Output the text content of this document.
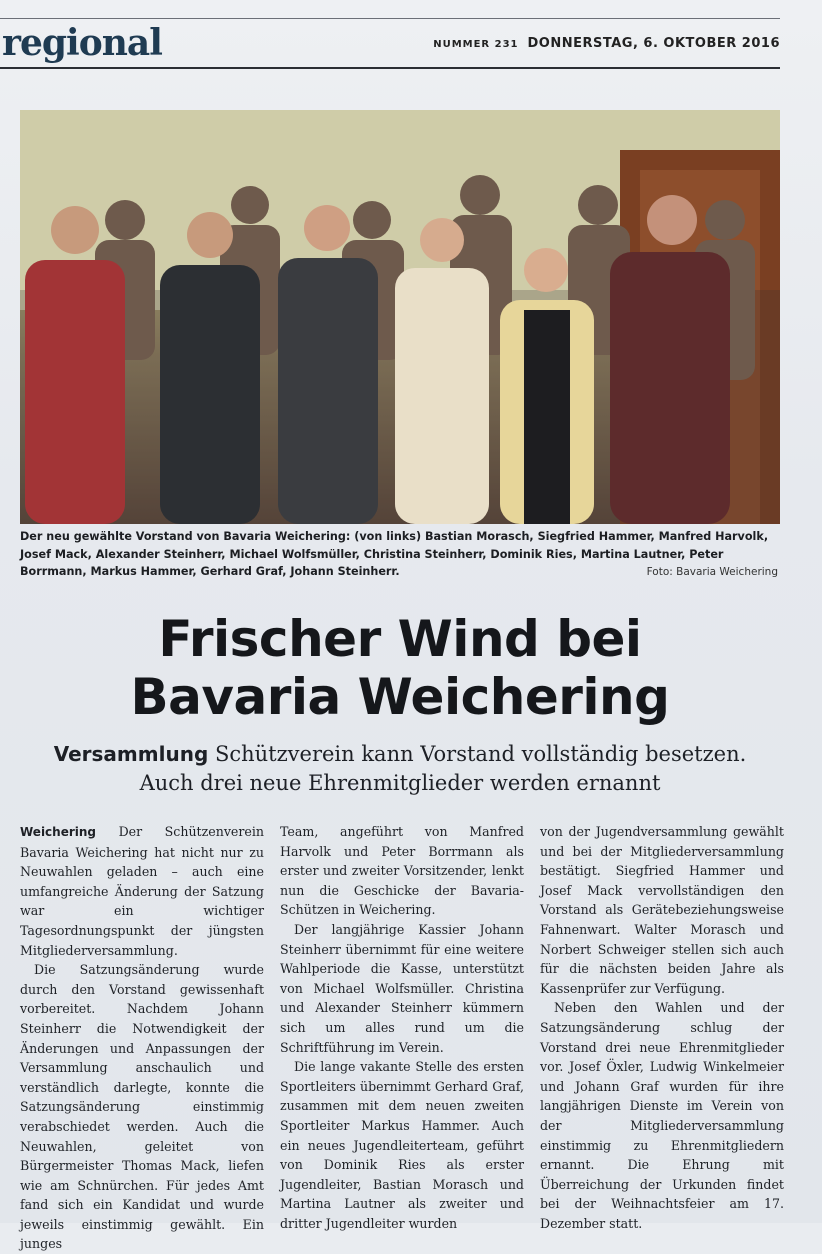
regional	NUMMER 231 DONNERSTAG, 6. OKTOBER 2016
Der neu gewählte Vorstand von Bavaria Weichering: (von links) Bastian Morasch, Siegfried Hammer, Manfred Harvolk, Josef Mack, Alexander Steinherr, Michael Wolfsmüller, Christina Steinherr, Dominik Ries, Martina Lautner, Peter Borrmann, Markus Hammer, Gerhard Graf, Johann Steinherr.	Foto: Bavaria Weichering
Frischer Wind bei
Bavaria Weichering
Versammlung Schützverein kann Vorstand vollständig besetzen.
Auch drei neue Ehrenmitglieder werden ernannt

Weichering Der Schützenverein Bavaria Weichering hat nicht nur zu Neuwahlen geladen – auch eine umfangreiche Änderung der Satzung war ein wichtiger Tagesordnungspunkt der jüngsten Mitgliederversammlung.

Die Satzungsänderung wurde durch den Vorstand gewissenhaft vorbereitet. Nachdem Johann Steinherr die Notwendigkeit der Änderungen und Anpassungen der Versammlung anschaulich und verständlich darlegte, konnte die Satzungsänderung einstimmig verabschiedet werden. Auch die Neuwahlen, geleitet von Bürgermeister Thomas Mack, liefen wie am Schnürchen. Für jedes Amt fand sich ein Kandidat und wurde jeweils einstimmig gewählt. Ein junges

Team, angeführt von Manfred Harvolk und Peter Borrmann als erster und zweiter Vorsitzender, lenkt nun die Geschicke der Bavaria-Schützen in Weichering.

Der langjährige Kassier Johann Steinherr übernimmt für eine weitere Wahlperiode die Kasse, unterstützt von Michael Wolfsmüller. Christina und Alexander Steinherr kümmern sich um alles rund um die Schriftführung im Verein.

Die lange vakante Stelle des ersten Sportleiters übernimmt Gerhard Graf, zusammen mit dem neuen zweiten Sportleiter Markus Hammer. Auch ein neues Jugendleiterteam, geführt von Dominik Ries als erster Jugendleiter, Bastian Morasch und Martina Lautner als zweiter und dritter Jugendleiter wurden

von der Jugendversammlung gewählt und bei der Mitgliederversammlung bestätigt. Siegfried Hammer und Josef Mack vervollständigen den Vorstand als Gerätebeziehungsweise Fahnenwart. Walter Morasch und Norbert Schweiger stellen sich auch für die nächsten beiden Jahre als Kassenprüfer zur Verfügung.

Neben den Wahlen und der Satzungsänderung schlug der Vorstand drei neue Ehrenmitglieder vor. Josef Öxler, Ludwig Winkelmeier und Johann Graf wurden für ihre langjährigen Dienste im Verein von der Mitgliederversammlung einstimmig zu Ehrenmitgliedern ernannt. Die Ehrung mit Überreichung der Urkunden findet bei der Weihnachtsfeier am 17. Dezember statt.
